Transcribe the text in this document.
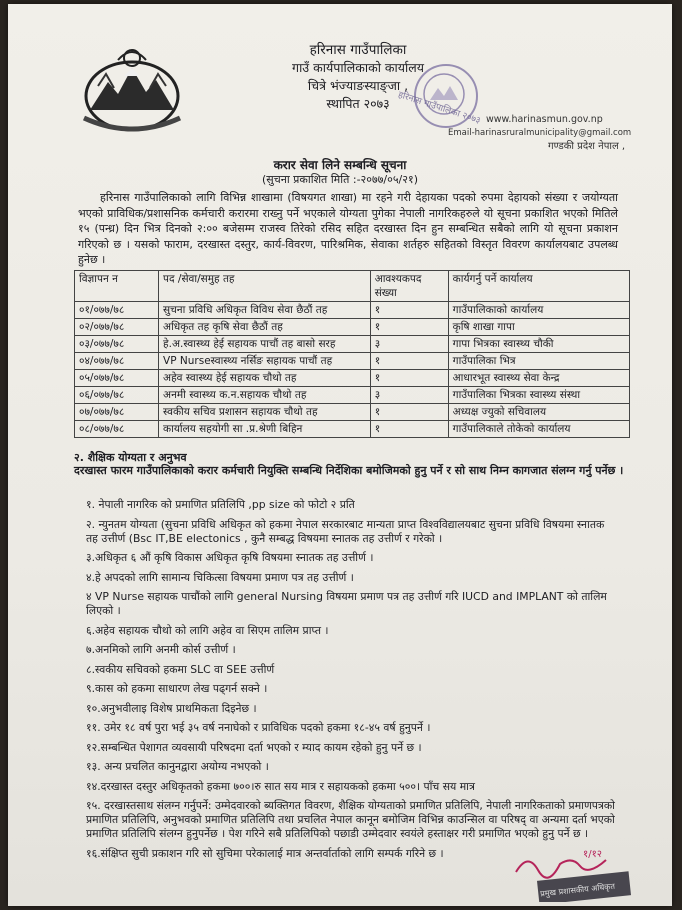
हरिनास गाउँपालिका
गाउँ कार्यपालिकाको कार्यालय
चित्रे भंज्याङस्याङ्जा ,
स्थापित २०७३ हरिनास गाउँपालिका २०७३ www.harinasmun.gov.np
Email-harinasruralmunicipality@gmail.com
गण्डकी प्रदेश नेपाल ,
करार सेवा लिने सम्बन्धि सूचना
(सुचना प्रकाशित मिति :-२०७७/०५/२१)
हरिनास गाउँपालिकाको लागि विभिन्न शाखामा (विषयगत शाखा) मा रहने गरी देहायका पदको रुपमा देहायको संख्या र जयोग्यता भएको प्राविधिक/प्रशासनिक कर्मचारी करारमा राख्नु पर्ने भएकाले योग्यता पुगेका नेपाली नागरिकहरुले यो सूचना प्रकाशित भएको मितिले १५ (पन्ध्र) दिन भित्र दिनको २:०० बजेसम्म राजस्व तिरेको रसिद सहित दरखास्त दिन हुन सम्बन्धित सबैको लागि यो सूचना प्रकाशन गरिएको छ । यसको फाराम, दरखास्त दस्तुर, कार्य-विवरण, पारिश्रमिक, सेवाका शर्तहरु सहितको विस्तृत विवरण कार्यालयबाट उपलब्ध हुनेछ ।
विज्ञापन न	पद /सेवा/समुह तह	आवश्यकपद संख्या	कार्यगर्नु पर्ने कार्यालय
०१/०७७/७८	सुचना प्रविधि अधिकृत विविध सेवा छैठौं तह	१	गाउँपालिकाको कार्यालय
०२/०७७/७८	अधिकृत तह कृषि सेवा छैठौं तह	१	कृषि शाखा गापा
०३/०७७/७८	हे.अ.स्वास्थ्य हेई सहायक पाचौं तह बासो सरह	३	गापा भित्रका स्वास्थ्य चौकी
०४/०७७/७८	VP Nurseस्वास्थ्य नर्सिङ सहायक पाचौं तह	१	गाउँपालिका भित्र
०५/०७७/७८	अहेव स्वास्थ्य हेई सहायक चौथो तह	१	आधारभूत स्वास्थ्य सेवा केन्द्र
०६/०७७/७८	अनमी स्वास्थ्य क.न.सहायक चौथो तह	३	गाउँपालिका भित्रका स्वास्थ्य संस्था
०७/०७७/७८	स्वकीय सचिव प्रशासन सहायक चौथो तह	१	अध्यक्ष ज्युको सचिवालय
०८/०७७/७८	कार्यालय सहयोगी सा .प्र.श्रेणी बिहिन	१	गाउँपालिकाले तोकेको कार्यालय
२. शैक्षिक योग्यता र अनुभव
दरखास्त फारम गाउँपालिकाको करार कर्मचारी नियुक्ति सम्बन्धि निर्देशिका बमोजिमको हुनु पर्ने र सो साथ निम्न कागजात संलग्न गर्नु पर्नेछ ।
१. नेपाली नागरिक को प्रमाणित प्रतिलिपि ,pp size को फोटो २ प्रति
२. न्युनतम योग्यता (सुचना प्रविधि अधिकृत को हकमा नेपाल सरकारबाट मान्यता प्राप्त विश्वविद्यालयबाट सुचना प्रविधि विषयमा स्नातक तह उत्तीर्ण (Bsc IT,BE electonics , कुनै सम्बद्ध विषयमा स्नातक तह उत्तीर्ण र गरेको ।
३.अधिकृत ६ औं कृषि विकास अधिकृत कृषि विषयमा स्नातक तह उत्तीर्ण ।
४.हे अपदको लागि सामान्य चिकित्सा विषयमा प्रमाण पत्र तह उत्तीर्ण ।
४ VP Nurse सहायक पाचौंको लागि general Nursing विषयमा प्रमाण पत्र तह उत्तीर्ण गरि IUCD and IMPLANT को तालिम लिएको ।
६.अहेव सहायक चौथो को लागि अहेव वा सिएम तालिम प्राप्त ।
७.अनमिको लागि अनमी कोर्स उत्तीर्ण ।
८.स्वकीय सचिवको हकमा SLC वा SEE उत्तीर्ण
९.कास को हकमा साधारण लेख पढ्गर्न सक्ने ।
१०.अनुभवीलाइ विशेष प्राथमिकता दिइनेछ ।
११. उमेर १८ वर्ष पुरा भई ३५ वर्ष ननाघेको र प्राविधिक पदको हकमा १८-४५ वर्ष हुनुपर्ने ।
१२.सम्बन्धित पेशागत व्यवसायी परिषदमा दर्ता भएको र म्याद कायम रहेको हुनु पर्ने छ ।
१३. अन्य प्रचलित कानुनद्वारा अयोग्य नभएको ।
१४.दरखास्त दस्तुर अधिकृतको हकमा ७००।रु सात सय मात्र र सहायकको हकमा ५००। पाँच सय मात्र
१५. दरखास्तसाथ संलग्न गर्नुपर्ने: उम्मेदवारको ब्यक्तिगत विवरण, शैक्षिक योग्यताको प्रमाणित प्रतिलिपि, नेपाली नागरिकताको प्रमाणपत्रको प्रमाणित प्रतिलिपि, अनुभवको प्रमाणित प्रतिलिपि तथा प्रचलित नेपाल कानून बमोजिम विभिन्न काउन्सिल वा परिषद् वा अन्यमा दर्ता भएको प्रमाणित प्रतिलिपि संलग्न हुनुपर्नेछ । पेश गरिने सबै प्रतिलिपिको पछाडी उम्मेदवार स्वयंले हस्ताक्षर गरी प्रमाणित भएको हुनु पर्ने छ ।
१६.संक्षिप्त सुची प्रकाशन गरि सो सुचिमा परेकालाई मात्र अन्तर्वार्ताको लागि सम्पर्क गरिने छ ।	१/१२
प्रमुख प्रशासकीय अधिकृत
